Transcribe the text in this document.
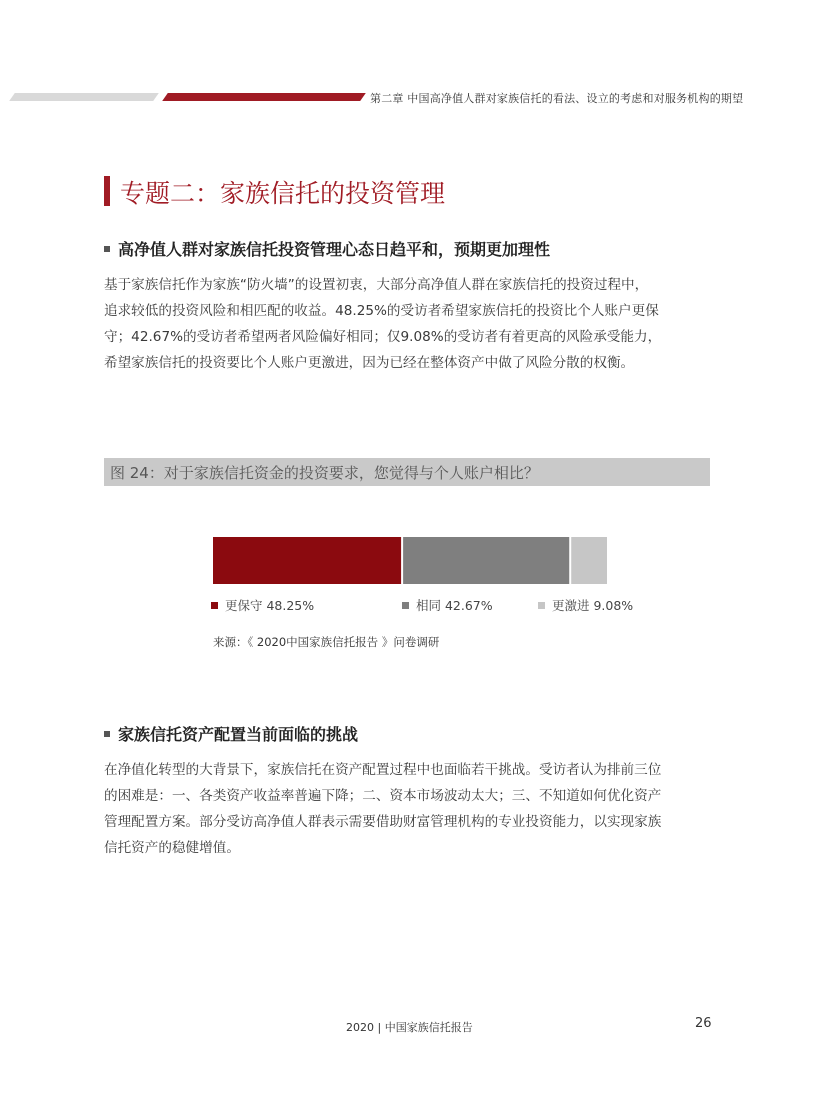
第二章 中国高净值人群对家族信托的看法、设立的考虑和对服务机构的期望
专题二：家族信托的投资管理
高净值人群对家族信托投资管理心态日趋平和，预期更加理性
基于家族信托作为家族“防火墙”的设置初衷，大部分高净值人群在家族信托的投资过程中，
追求较低的投资风险和相匹配的收益。48.25%的受访者希望家族信托的投资比个人账户更保
守；42.67%的受访者希望两者风险偏好相同；仅9.08%的受访者有着更高的风险承受能力，
希望家族信托的投资要比个人账户更激进，因为已经在整体资产中做了风险分散的权衡。
图 24：对于家族信托资金的投资要求，您觉得与个人账户相比？
更保守 48.25%	相同 42.67%	更激进 9.08%
来源：《 2020中国家族信托报告 》问卷调研
家族信托资产配置当前面临的挑战
在净值化转型的大背景下，家族信托在资产配置过程中也面临若干挑战。受访者认为排前三位
的困难是：一、各类资产收益率普遍下降；二、资本市场波动太大；三、不知道如何优化资产
管理配置方案。部分受访高净值人群表示需要借助财富管理机构的专业投资能力，以实现家族
信托资产的稳健增值。
2020 | 中国家族信托报告	26
